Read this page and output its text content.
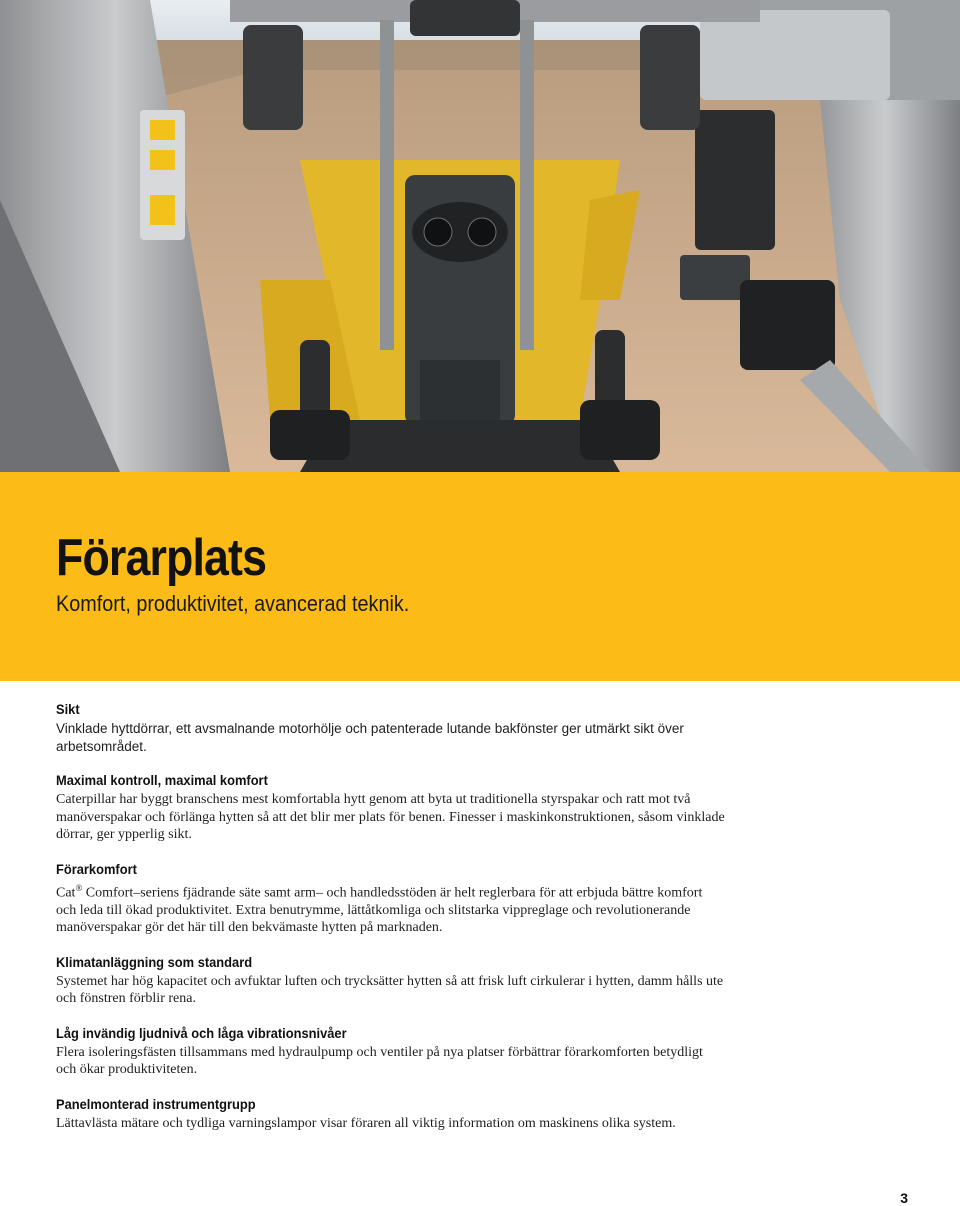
Förarplats

Komfort, produktivitet, avancerad teknik.

Sikt

Vinklade hyttdörrar, ett avsmalnande motorhölje och patenterade lutande bakfönster ger utmärkt sikt över arbetsområdet.

Maximal kontroll, maximal komfort

Caterpillar har byggt branschens mest komfortabla hytt genom att byta ut traditionella styrspakar och ratt mot två manöverspakar och förlänga hytten så att det blir mer plats för benen. Finesser i maskinkonstruktionen, såsom vinklade dörrar, ger ypperlig sikt.

Förarkomfort

Cat® Comfort–seriens fjädrande säte samt arm– och handledsstöden är helt reglerbara för att erbjuda bättre komfort och leda till ökad produktivitet. Extra benutrymme, lättåtkomliga och slitstarka vippreglage och revolutionerande manöverspakar gör det här till den bekvämaste hytten på marknaden.

Klimatanläggning som standard

Systemet har hög kapacitet och avfuktar luften och trycksätter hytten så att frisk luft cirkulerar i hytten, damm hålls ute och fönstren förblir rena.

Låg invändig ljudnivå och låga vibrationsnivåer

Flera isoleringsfästen tillsammans med hydraulpump och ventiler på nya platser förbättrar förarkomforten betydligt och ökar produktiviteten.

Panelmonterad instrumentgrupp

Lättavlästa mätare och tydliga varningslampor visar föraren all viktig information om maskinens olika system.

3
